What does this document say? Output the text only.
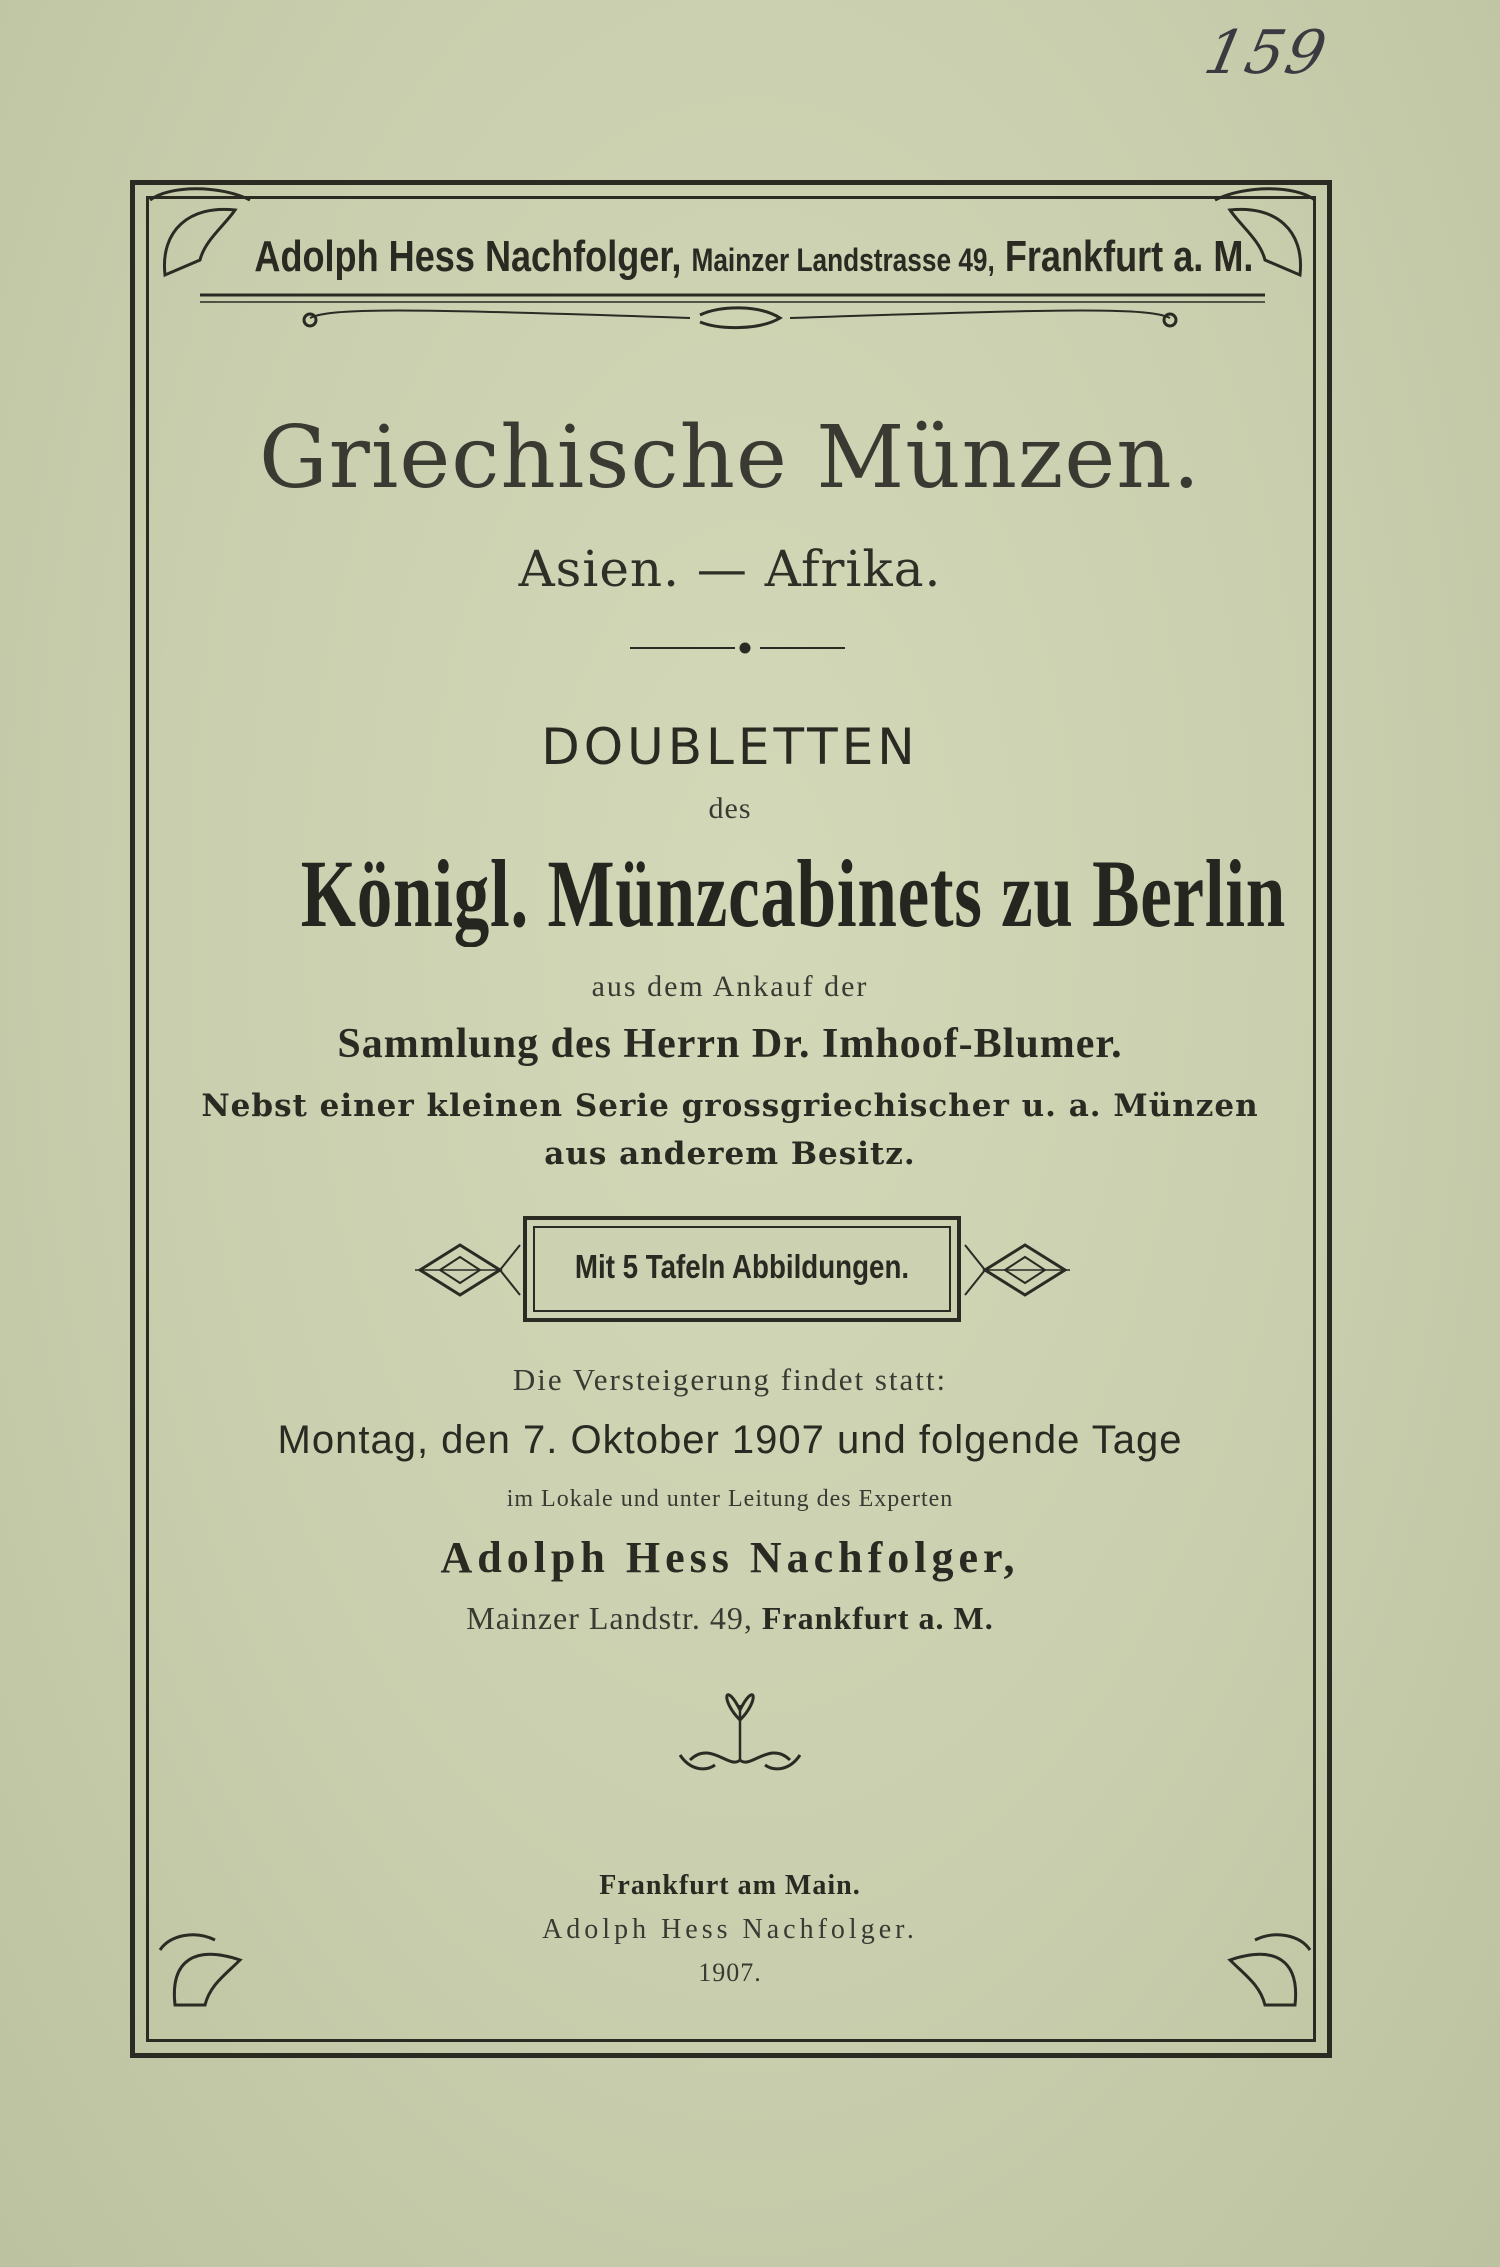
159
Adolph Hess Nachfolger, Mainzer Landstrasse 49, Frankfurt a. M.
Griechische Münzen.
Asien. — Afrika.
DOUBLETTEN
des
Königl. Münzcabinets zu Berlin
aus dem Ankauf der
Sammlung des Herrn Dr. Imhoof-Blumer.
Nebst einer kleinen Serie grossgriechischer u. a. Münzen
aus anderem Besitz.
Mit 5 Tafeln Abbildungen.
Die Versteigerung findet statt:
Montag, den 7. Oktober 1907 und folgende Tage
im Lokale und unter Leitung des Experten
Adolph Hess Nachfolger,
Mainzer Landstr. 49, Frankfurt a. M.
Frankfurt am Main.
Adolph Hess Nachfolger.
1907.
